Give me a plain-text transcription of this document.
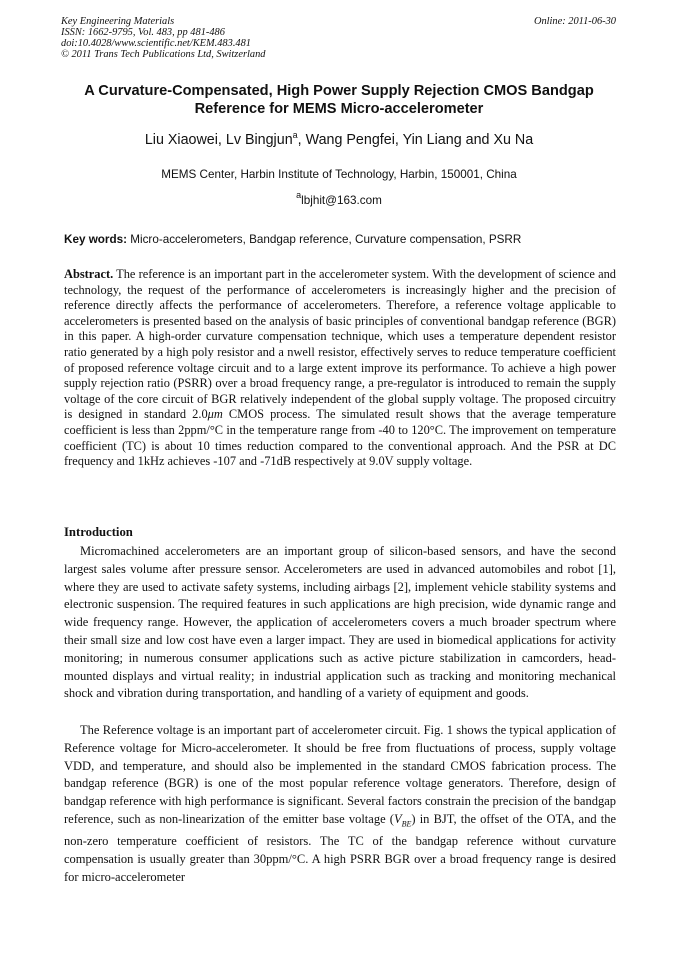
Key Engineering Materials
ISSN: 1662-9795, Vol. 483, pp 481-486
doi:10.4028/www.scientific.net/KEM.483.481
© 2011 Trans Tech Publications Ltd, Switzerland
Online: 2011-06-30
A Curvature-Compensated, High Power Supply Rejection CMOS Bandgap Reference for MEMS Micro-accelerometer
Liu Xiaowei, Lv Bingjun$^a$, Wang Pengfei, Yin Liang and Xu Na
MEMS Center, Harbin Institute of Technology, Harbin, 150001, China
$^a$lbjhit@163.com
Key words: Micro-accelerometers, Bandgap reference, Curvature compensation, PSRR
Abstract. The reference is an important part in the accelerometer system. With the development of science and technology, the request of the performance of accelerometers is increasingly higher and the precision of reference directly affects the performance of accelerometers. Therefore, a reference voltage applicable to accelerometers is presented based on the analysis of basic principles of conventional bandgap reference (BGR) in this paper. A high-order curvature compensation technique, which uses a temperature dependent resistor ratio generated by a high poly resistor and a nwell resistor, effectively serves to reduce temperature coefficient of proposed reference voltage circuit and to a large extent improve its performance. To achieve a high power supply rejection ratio (PSRR) over a broad frequency range, a pre-regulator is introduced to remain the supply voltage of the core circuit of BGR relatively independent of the global supply voltage. The proposed circuitry is designed in standard 2.0μm CMOS process. The simulated result shows that the average temperature coefficient is less than 2ppm/°C in the temperature range from -40 to 120°C. The improvement on temperature coefficient (TC) is about 10 times reduction compared to the conventional approach. And the PSR at DC frequency and 1kHz achieves -107 and -71dB respectively at 9.0V supply voltage.
Introduction
Micromachined accelerometers are an important group of silicon-based sensors, and have the second largest sales volume after pressure sensor. Accelerometers are used in advanced automobiles and robot [1], where they are used to activate safety systems, including airbags [2], implement vehicle stability systems and electronic suspension. The required features in such applications are high precision, wide dynamic range and wide frequency range. However, the application of accelerometers covers a much broader spectrum where their small size and low cost have even a larger impact. They are used in biomedical applications for activity monitoring; in numerous consumer applications such as active picture stabilization in camcorders, head-mounted displays and virtual reality; in industrial application such as tracking and monitoring mechanical shock and vibration during transportation, and handling of a variety of equipment and goods.
The Reference voltage is an important part of accelerometer circuit. Fig. 1 shows the typical application of Reference voltage for Micro-accelerometer. It should be free from fluctuations of process, supply voltage VDD, and temperature, and should also be implemented in the standard CMOS fabrication process. The bandgap reference (BGR) is one of the most popular reference voltage generators. Therefore, design of bandgap reference with high performance is significant. Several factors constrain the precision of the bandgap reference, such as non-linearization of the emitter base voltage $(V_{BE})$ in BJT, the offset of the OTA, and the non-zero temperature coefficient of resistors. The TC of the bandgap reference without curvature compensation is usually greater than 30ppm/°C. A high PSRR BGR over a broad frequency range is desired for micro-accelerometer
